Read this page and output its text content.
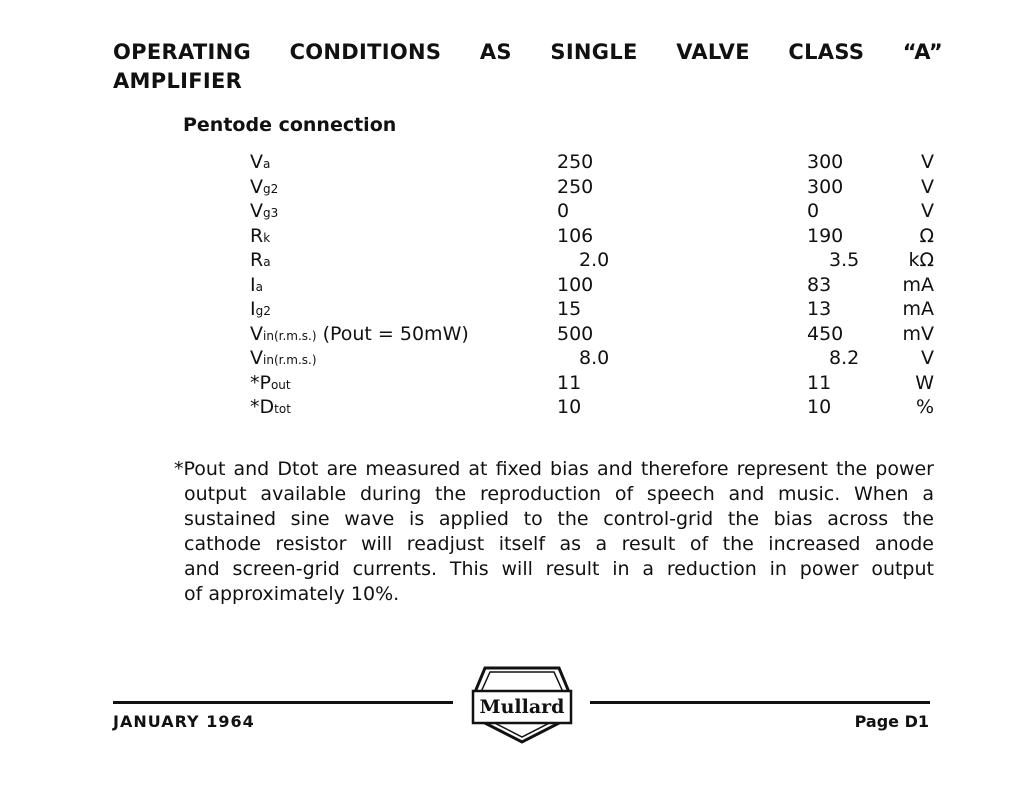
OPERATING CONDITIONS AS SINGLE VALVE CLASS “A”
AMPLIFIER
Pentode connection
Va	250	300	V
Vg2	250	300	V
Vg3	0	0	V
Rk	106	190	Ω
Ra	2.0	3.5	kΩ
Ia	100	83	mA
Ig2	15	13	mA
Vin(r.m.s.) (Pout = 50mW)	500	450	mV
Vin(r.m.s.)	8.0	8.2	V
*Pout	11	11	W
*Dtot	10	10	%
*Pout and Dtot are measured at fixed bias and therefore represent the power
output available during the reproduction of speech and music. When a
sustained sine wave is applied to the control-grid the bias across the
cathode resistor will readjust itself as a result of the increased anode
and screen-grid currents. This will result in a reduction in power output
of approximately 10%.
Mullard
JANUARY 1964	Page D1
